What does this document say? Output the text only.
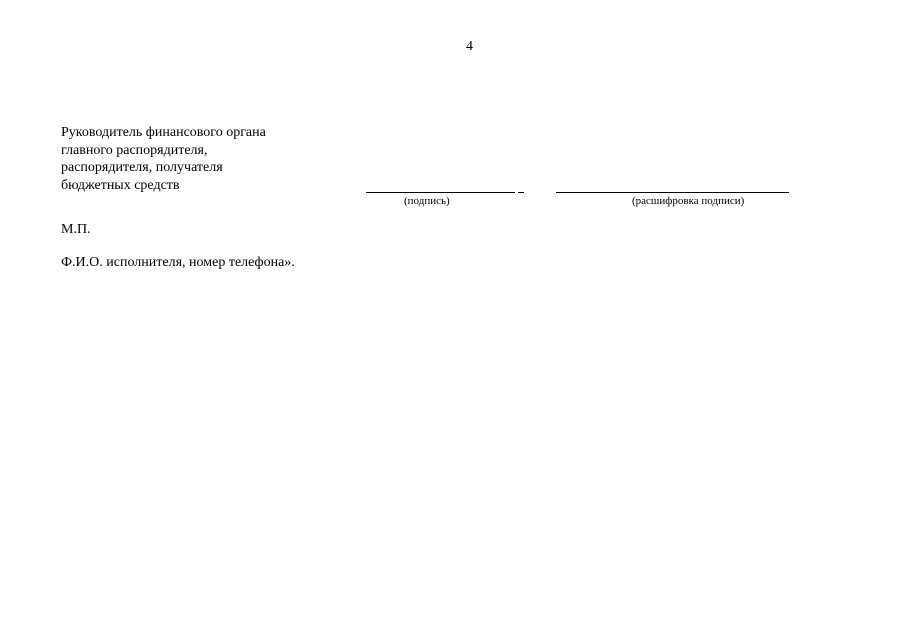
4
Руководитель финансового органа
главного распорядителя,
распорядителя, получателя
бюджетных средств
(подпись)	(расшифровка подписи)
М.П.
Ф.И.О. исполнителя, номер телефона».
